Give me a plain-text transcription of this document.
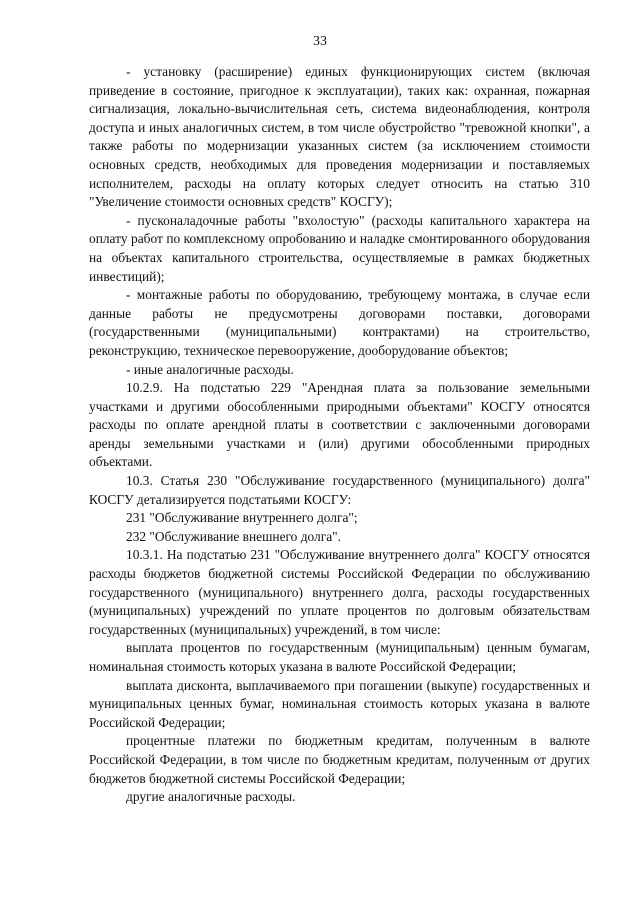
33

- установку (расширение) единых функционирующих систем (включая приведение в состояние, пригодное к эксплуатации), таких как: охранная, пожарная сигнализация, локально-вычислительная сеть, система видеонаблюдения, контроля доступа и иных аналогичных систем, в том числе обустройство "тревожной кнопки", а также работы по модернизации указанных систем (за исключением стоимости основных средств, необходимых для проведения модернизации и поставляемых исполнителем, расходы на оплату которых следует относить на статью 310 "Увеличение стоимости основных средств" КОСГУ);

- пусконаладочные работы "вхолостую" (расходы капитального характера на оплату работ по комплексному опробованию и наладке смонтированного оборудования на объектах капитального строительства, осуществляемые в рамках бюджетных инвестиций);

- монтажные работы по оборудованию, требующему монтажа, в случае если данные работы не предусмотрены договорами поставки, договорами (государственными (муниципальными) контрактами) на строительство, реконструкцию, техническое перевооружение, дооборудование объектов;

- иные аналогичные расходы.

10.2.9. На подстатью 229 "Арендная плата за пользование земельными участками и другими обособленными природными объектами" КОСГУ относятся расходы по оплате арендной платы в соответствии с заключенными договорами аренды земельными участками и (или) другими обособленными природных объектами.

10.3. Статья 230 "Обслуживание государственного (муниципального) долга" КОСГУ детализируется подстатьями КОСГУ:

231 "Обслуживание внутреннего долга";

232 "Обслуживание внешнего долга".

10.3.1. На подстатью 231 "Обслуживание внутреннего долга" КОСГУ относятся расходы бюджетов бюджетной системы Российской Федерации по обслуживанию государственного (муниципального) внутреннего долга, расходы государственных (муниципальных) учреждений по уплате процентов по долговым обязательствам государственных (муниципальных) учреждений, в том числе:

выплата процентов по государственным (муниципальным) ценным бумагам, номинальная стоимость которых указана в валюте Российской Федерации;

выплата дисконта, выплачиваемого при погашении (выкупе) государственных и муниципальных ценных бумаг, номинальная стоимость которых указана в валюте Российской Федерации;

процентные платежи по бюджетным кредитам, полученным в валюте Российской Федерации, в том числе по бюджетным кредитам, полученным от других бюджетов бюджетной системы Российской Федерации;

другие аналогичные расходы.
